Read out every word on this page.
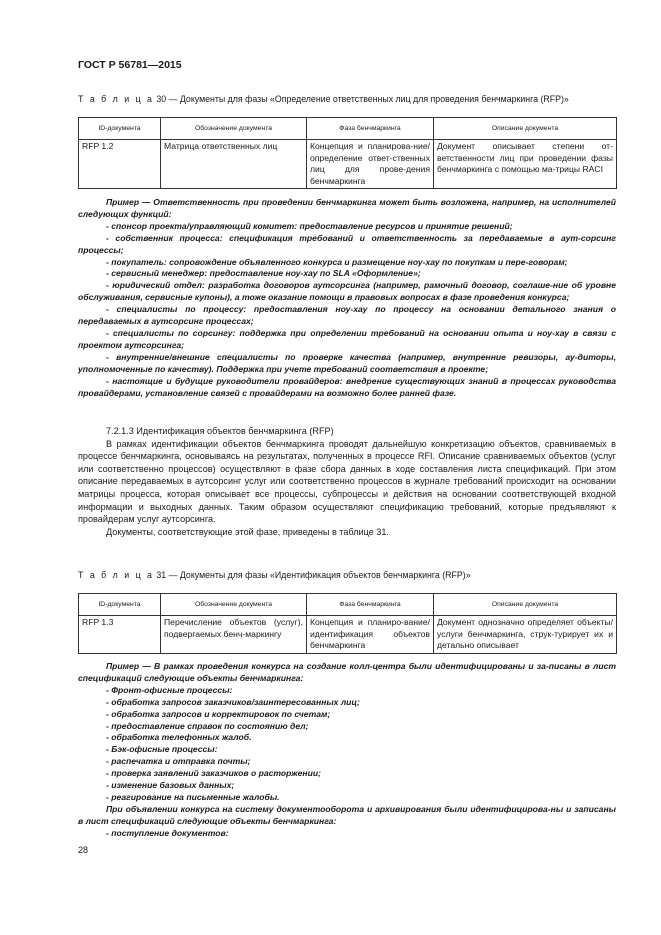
ГОСТ Р 56781—2015
Т а б л и ц а 30 — Документы для фазы «Определение ответственных лиц для проведения бенчмаркинга (RFP)»
ID-документа	Обозначение документа	Фаза бенчмаркинга	Описание документа
RFP 1.2	Матрица ответственных лиц	Концепция и планирова-ние/определение ответ-ственных лиц для прове-дения бенчмаркинга	Документ описывает степени от-ветственности лиц при проведении фазы бенчмаркинга с помощью ма-трицы RACI

Пример — Ответственность при проведении бенчмаркинга может быть возложена, например, на исполнителей следующих функций:

- спонсор проекта/управляющий комитет: предоставление ресурсов и принятие решений;

- собственник процесса: спецификация требований и ответственность за передаваемые в аут-сорсинг процессы;

- покупатель: сопровождение объявленного конкурса и размещение ноу-хау по покупкам и пере-говорам;

- сервисный менеджер: предоставление ноу-хау по SLA «Оформление»;

- юридический отдел: разработка договоров аутсорсинга (например, рамочный договор, соглаше-ние об уровне обслуживания, сервисные купоны), а тоже оказание помощи в правовых вопросах в фазе проведения конкурса;

- специалисты по процессу: предоставления ноу-хау по процессу на основании детального знания о передаваемых в аутсорсинг процессах;

- специалисты по сорсингу: поддержка при определении требований на основании опыта и ноу-хау в связи с проектом аутсорсинга;

- внутренние/внешние специалисты по проверке качества (например, внутренние ревизоры, ау-диторы, уполномоченные по качеству). Поддержка при учете требований соответствия в проекте;

- настоящие и будущие руководители провайдеров: внедрение существующих знаний в процессах руководства провайдерами, установление связей с провайдерами на возможно более ранней фазе.

7.2.1.3 Идентификация объектов бенчмаркинга (RFP)

В рамках идентификации объектов бенчмаркинга проводят дальнейшую конкретизацию объектов, сравниваемых в процессе бенчмаркинга, основываясь на результатах, полученных в процессе RFI. Описание сравниваемых объектов (услуг или соответственно процессов) осуществляют в фазе сбора данных в ходе составления листа спецификаций. При этом описание передаваемых в аутсорсинг услуг или соответственно процессов в журнале требований происходит на основании матрицы процесса, которая описывает все процессы, субпроцессы и действия на основании соответствующей входной информации и выходных данных. Таким образом осуществляют спецификацию требований, которые предъявляют к провайдерам услуг аутсорсинга.

Документы, соответствующие этой фазе, приведены в таблице 31.

Т а б л и ц а 31 — Документы для фазы «Идентификация объектов бенчмаркинга (RFP)»
ID-документа	Обозначение документа	Фаза бенчмаркинга	Описание документа
RFP 1.3	Перечисление объектов (услуг), подвергаемых бенч-маркингу	Концепция и планиро-вание/идентификация объектов бенчмаркинга	Документ однозначно определяет объекты/услуги бенчмаркинга, струк-турирует их и детально описывает

Пример — В рамках проведения конкурса на создание колл-центра были идентифицированы и за-писаны в лист спецификаций следующие объекты бенчмаркинга:

- Фронт-офисные процессы:

- обработка запросов заказчиков/заинтересованных лиц;

- обработка запросов и корректировок по счетам;

- предоставление справок по состоянию дел;

- обработка телефонных жалоб.

- Бэк-офисные процессы:

- распечатка и отправка почты;

- проверка заявлений заказчиков о расторжении;

- изменение базовых данных;

- реагирование на письменные жалобы.

При объявлении конкурса на систему документооборота и архивирования были идентифицирова-ны и записаны в лист спецификаций следующие объекты бенчмаркинга:

- поступление документов:

28
